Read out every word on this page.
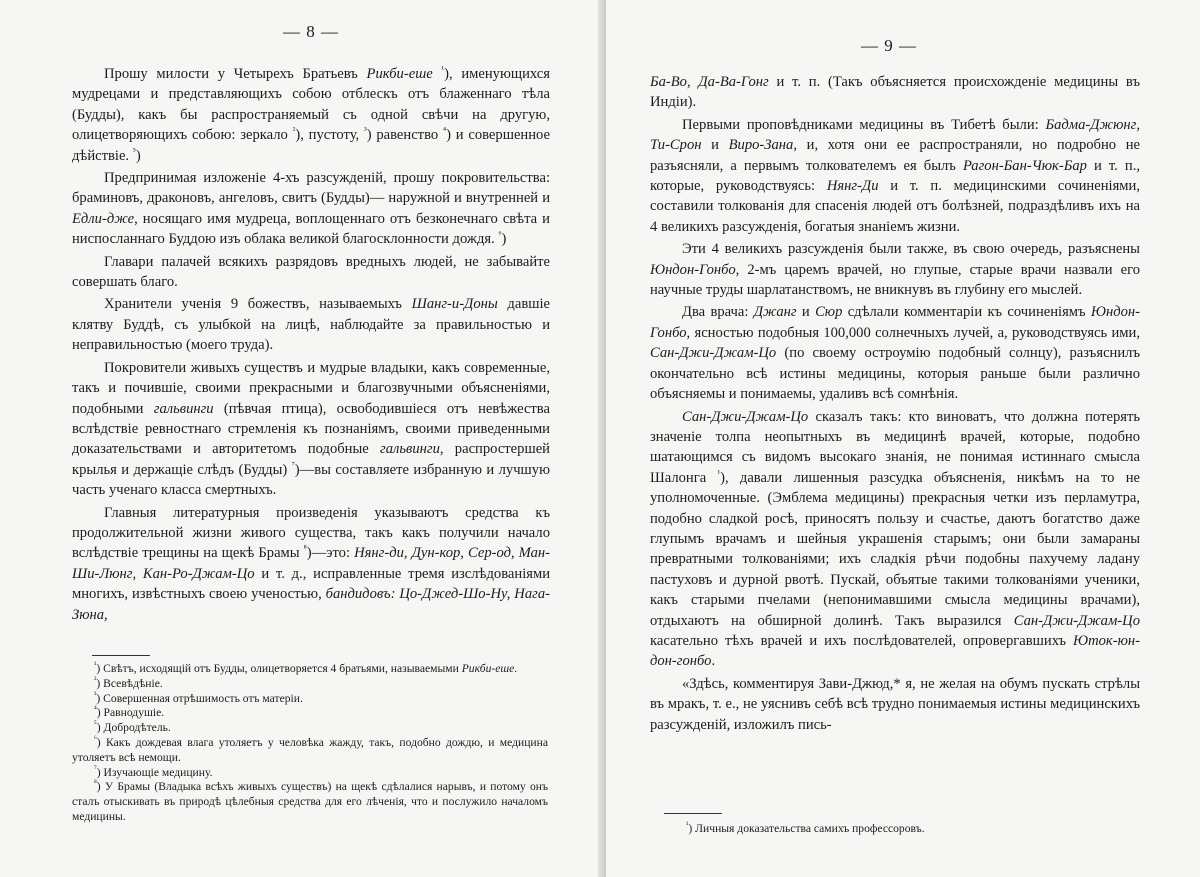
— 8 —

Прошу милости у Четырехъ Братьевъ Рикби-еше $^{^1}$), именующихся мудрецами и представляющихъ собою отблескъ отъ блаженнаго тѣла (Будды), какъ бы распространяемый съ одной свѣчи на другую, олицетворяющихъ собою: зеркало $^{^2}$), пустоту, $^{^3}$) равенство $^{^4}$) и совершенное дѣйствіе. $^{^5}$)

Предпринимая изложеніе 4-хъ разсужденій, прошу покровительства: браминовъ, драконовъ, ангеловъ, свитъ (Будды)— наружной и внутренней и Едли-дже, носящаго имя мудреца, воплощеннаго отъ безконечнаго свѣта и ниспосланнаго Буддою изъ облака великой благосклонности дождя. $^{^6}$)

Главари палачей всякихъ разрядовъ вредныхъ людей, не забывайте совершать благо.

Хранители ученія 9 божествъ, называемыхъ Шанг-и-Доны давшіе клятву Буддѣ, съ улыбкой на лицѣ, наблюдайте за правильностью и неправильностью (моего труда).

Покровители живыхъ существъ и мудрые владыки, какъ современные, такъ и почившіе, своими прекрасными и благозвучными объясненіями, подобными гальвинги (пѣвчая птица), освободившіеся отъ невѣжества вслѣдствіе ревностнаго стремленія къ познаніямъ, своими приведенными доказательствами и авторитетомъ подобные гальвинги, распростершей крылья и держащіе слѣдъ (Будды) $^{^7}$)—вы составляете избранную и лучшую часть ученаго класса смертныхъ.

Главныя литературныя произведенія указываютъ средства къ продолжительной жизни живого существа, такъ какъ получили начало вслѣдствіе трещины на щекѣ Брамы $^{^8}$)—это: Нянг-ди, Дун-кор, Сер-од, Ман-Ши-Люнг, Кан-Ро-Джам-Цо и т. д., исправленные тремя изслѣдованіями многихъ, извѣстныхъ своею ученостью, бандидовъ: Цо-Джед-Шо-Ну, Нага-Зюна,

$^{^1}$) Свѣтъ, исходящій отъ Будды, олицетворяется 4 братьями, называемыми Рикби-еше.
$^{^2}$) Всевѣдѣніе.
$^{^3}$) Совершенная отрѣшимость отъ матеріи.
$^{^4}$) Равнодушіе.
$^{^5}$) Добродѣтель.
$^{^6}$) Какъ дождевая влага утоляетъ у человѣка жажду, такъ, подобно дождю, и медицина утоляетъ всѣ немощи.
$^{^7}$) Изучающіе медицину.
$^{^8}$) У Брамы (Владыка всѣхъ живыхъ существъ) на щекѣ сдѣлалися нарывъ, и потому онъ сталъ отыскивать въ природѣ цѣлебныя средства для его лѣченія, что и послужило началомъ медицины.
— 9 —

Ба-Во, Да-Ва-Гонг и т. п. (Такъ объясняется происхожденіе медицины въ Индіи).

Первыми проповѣдниками медицины въ Тибетѣ были: Бадма-Джюнг, Ти-Срон и Виро-Зана, и, хотя они ее распространяли, но подробно не разъясняли, а первымъ толкователемъ ея былъ Рагон-Бан-Чюк-Бар и т. п., которые, руководствуясь: Нянг-Ди и т. п. медицинскими сочиненіями, составили толкованія для спасенія людей отъ болѣзней, подраздѣливъ ихъ на 4 великихъ разсужденія, богатыя знаніемъ жизни.

Эти 4 великихъ разсужденія были также, въ свою очередь, разъяснены Юндон-Гонбо, 2-мъ царемъ врачей, но глупые, старые врачи назвали его научные труды шарлатанствомъ, не вникнувъ въ глубину его мыслей.

Два врача: Джанг и Сюр сдѣлали комментаріи къ сочиненіямъ Юндон-Гонбо, ясностью подобныя 100,000 солнечныхъ лучей, а, руководствуясь ими, Сан-Джи-Джам-Цо (по своему остроумію подобный солнцу), разъяснилъ окончательно всѣ истины медицины, которыя раньше были различно объясняемы и понимаемы, удаливъ всѣ сомнѣнія.

Сан-Джи-Джам-Цо сказалъ такъ: кто виноватъ, что должна потерять значеніе толпа неопытныхъ въ медицинѣ врачей, которые, подобно шатающимся съ видомъ высокаго знанія, не понимая истиннаго смысла Шалонга $^{^1}$), давали лишенныя разсудка объясненія, никѣмъ на то не уполномоченные. (Эмблема медицины) прекрасныя четки изъ перламутра, подобно сладкой росѣ, приносятъ пользу и счастье, даютъ богатство даже глупымъ врачамъ и шейныя украшенія старымъ; они были замараны превратными толкованіями; ихъ сладкія рѣчи подобны пахучему ладану пастуховъ и дурной рвотѣ. Пускай, объятые такими толкованіями ученики, какъ старыми пчелами (непонимавшими смысла медицины врачами), отдыхаютъ на обширной долинѣ. Такъ выразился Сан-Джи-Джам-Цо касательно тѣхъ врачей и ихъ послѣдователей, опровергавшихъ Юток-юн-дон-гонбо.

«Здѣсь, комментируя Зави-Джюд,* я, не желая на обумъ пускать стрѣлы въ мракъ, т. е., не уяснивъ себѣ всѣ трудно понимаемыя истины медицинскихъ разсужденій, изложилъ пись-

$^{^1}$) Личныя доказательства самихъ профессоровъ.
